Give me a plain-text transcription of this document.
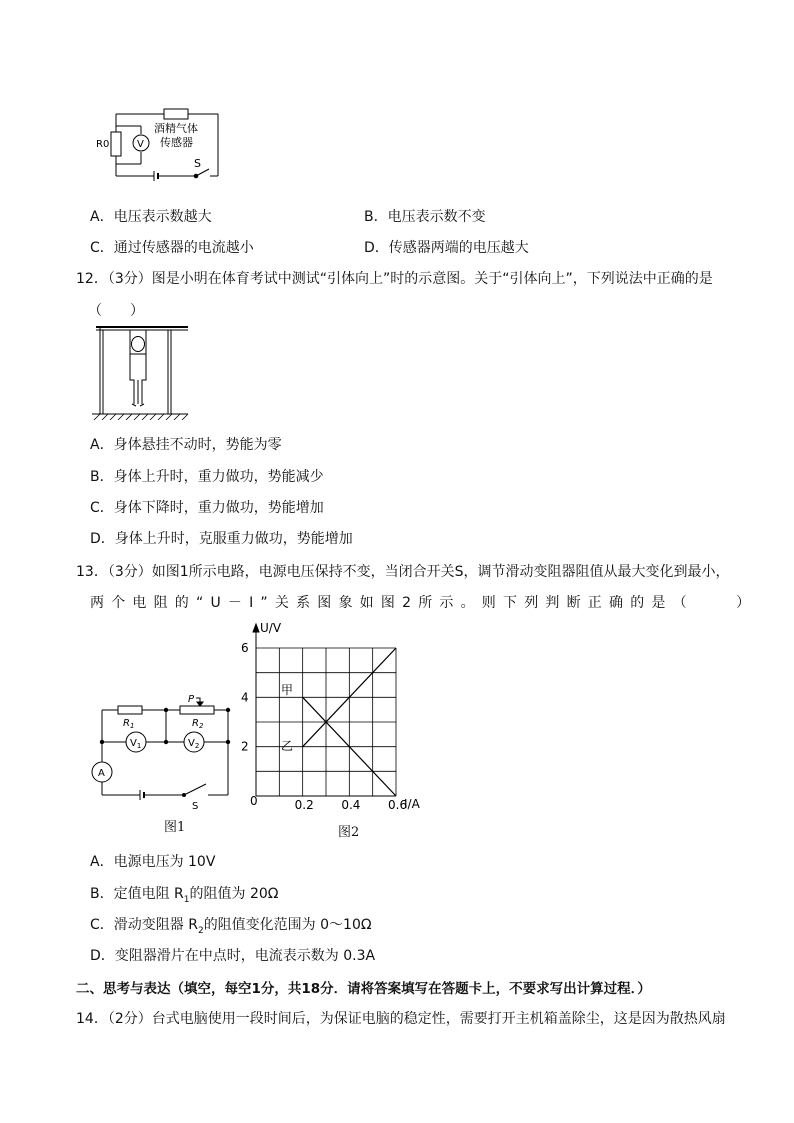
R0	V
酒精气体
传感器
S
A．电压表示数越大	B．电压表示数不变
C．通过传感器的电流越小	D．传感器两端的电压越大
12．（3分）图是小明在体育考试中测试“引体向上”时的示意图。关于“引体向上”，下列说法中正确的是
（　　）
A．身体悬挂不动时，势能为零
B．身体上升时，重力做功，势能减少
C．身体下降时，重力做功，势能增加
D．身体上升时，克服重力做功，势能增加
13．（3分）如图1所示电路，电源电压保持不变，当闭合开关S，调节滑动变阻器阻值从最大变化到最小，
两个电阻的“U－I”关系图象如图2所示。则下列判断正确的是（　　）
$R_1$	$R_2$
P
$V_1$	$V_2$
A
S
图1
0.2 0.4 0.6
2
4
6
U/V
I/A
0
甲
乙
图2
A．电源电压为 10V
B．定值电阻 $R_1$的阻值为 20Ω
C．滑动变阻器 $R_2$的阻值变化范围为 0～10Ω
D．变阻器滑片在中点时，电流表示数为 0.3A
二、思考与表达（填空，每空1分，共18分．请将答案填写在答题卡上，不要求写出计算过程．）
14．（2分）台式电脑使用一段时间后，为保证电脑的稳定性，需要打开主机箱盖除尘，这是因为散热风扇
